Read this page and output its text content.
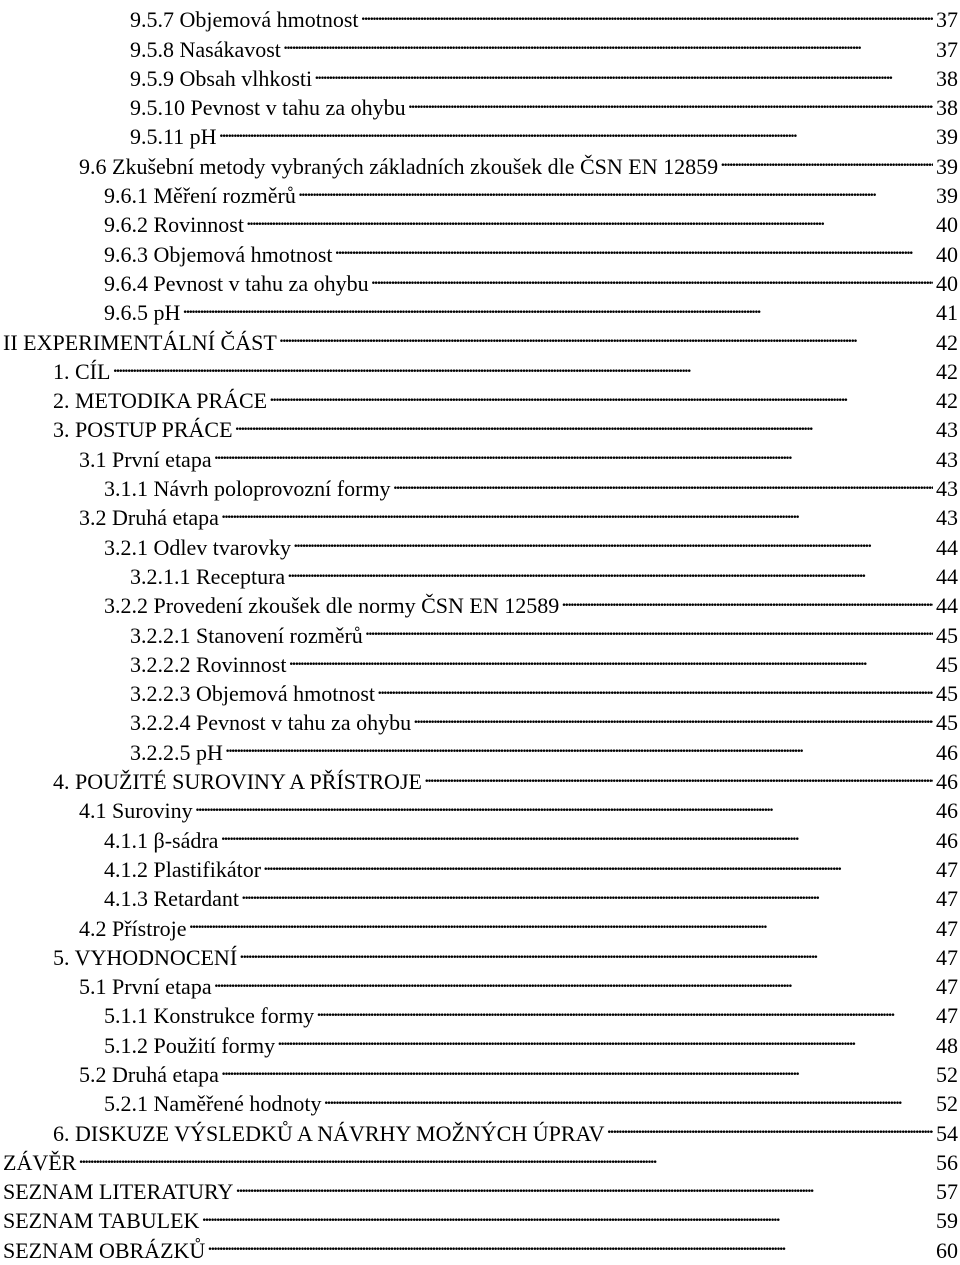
9.5.7 Objemová hmotnost . . .	37
9.5.8 Nasákavost . . .	37
9.5.9 Obsah vlhkosti . . .	38
9.5.10 Pevnost v tahu za ohybu . . .	38
9.5.11 pH . . .	39
9.6 Zkušební metody vybraných základních zkoušek dle ČSN EN 12859 . . .	39
9.6.1 Měření rozměrů . . .	39
9.6.2 Rovinnost . . .	40
9.6.3 Objemová hmotnost . . .	40
9.6.4 Pevnost v tahu za ohybu . . .	40
9.6.5 pH . . .	41
II EXPERIMENTÁLNÍ ČÁST . . .	42
1. CÍL . . .	42
2. METODIKA PRÁCE . . .	42
3. POSTUP PRÁCE . . .	43
3.1 První etapa . . .	43
3.1.1 Návrh poloprovozní formy . . .	43
3.2 Druhá etapa . . .	43
3.2.1 Odlev tvarovky . . .	44
3.2.1.1 Receptura . . .	44
3.2.2 Provedení zkoušek dle normy ČSN EN 12589 . . .	44
3.2.2.1 Stanovení rozměrů . . .	45
3.2.2.2 Rovinnost . . .	45
3.2.2.3 Objemová hmotnost . . .	45
3.2.2.4 Pevnost v tahu za ohybu . . .	45
3.2.2.5 pH . . .	46
4. POUŽITÉ SUROVINY A PŘÍSTROJE . . .	46
4.1 Suroviny . . .	46
4.1.1 β-sádra . . .	46
4.1.2 Plastifikátor . . .	47
4.1.3 Retardant . . .	47
4.2 Přístroje . . .	47
5. VYHODNOCENÍ . . .	47
5.1 První etapa . . .	47
5.1.1 Konstrukce formy . . .	47
5.1.2 Použití formy . . .	48
5.2 Druhá etapa . . .	52
5.2.1 Naměřené hodnoty . . .	52
6. DISKUZE VÝSLEDKŮ A NÁVRHY MOŽNÝCH ÚPRAV . . .	54
ZÁVĚR . . .	56
SEZNAM LITERATURY . . .	57
SEZNAM TABULEK . . .	59
SEZNAM OBRÁZKŮ . . .	60
